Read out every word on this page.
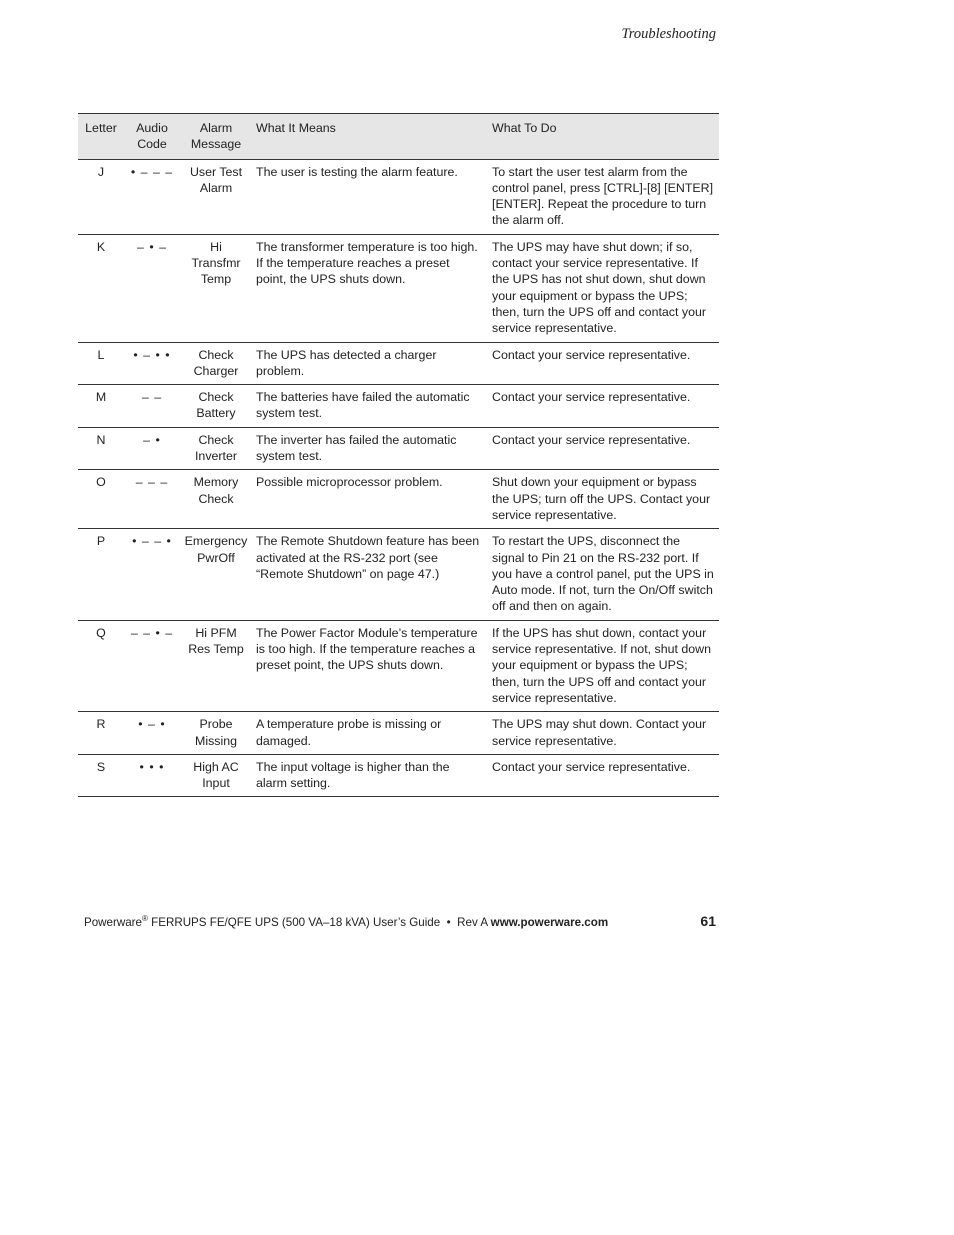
Troubleshooting
Letter	Audio Code	Alarm Message	What It Means	What To Do
J	• – – –	User Test Alarm	The user is testing the alarm feature.	To start the user test alarm from the control panel, press [CTRL]-[8] [ENTER] [ENTER]. Repeat the procedure to turn the alarm off.
K	– • –	Hi Transfmr Temp	The transformer temperature is too high. If the temperature reaches a preset point, the UPS shuts down.	The UPS may have shut down; if so, contact your service representative. If the UPS has not shut down, shut down your equipment or bypass the UPS; then, turn the UPS off and contact your service representative.
L	• – • •	Check Charger	The UPS has detected a charger problem.	Contact your service representative.
M	– –	Check Battery	The batteries have failed the automatic system test.	Contact your service representative.
N	– •	Check Inverter	The inverter has failed the automatic system test.	Contact your service representative.
O	– – –	Memory Check	Possible microprocessor problem.	Shut down your equipment or bypass the UPS; turn off the UPS. Contact your service representative.
P	• – – •	Emergency PwrOff	The Remote Shutdown feature has been activated at the RS-232 port (see “Remote Shutdown” on page 47.)	To restart the UPS, disconnect the signal to Pin 21 on the RS-232 port. If you have a control panel, put the UPS in Auto mode. If not, turn the On/Off switch off and then on again.
Q	– – • –	Hi PFM Res Temp	The Power Factor Module’s temperature is too high. If the temperature reaches a preset point, the UPS shuts down.	If the UPS has shut down, contact your service representative. If not, shut down your equipment or bypass the UPS; then, turn the UPS off and contact your service representative.
R	• – •	Probe Missing	A temperature probe is missing or damaged.	The UPS may shut down. Contact your service representative.
S	• • •	High AC Input	The input voltage is higher than the alarm setting.	Contact your service representative.
Powerware® FERRUPS FE/QFE UPS (500 VA–18 kVA) User’s Guide  •  Rev A www.powerware.com	61
